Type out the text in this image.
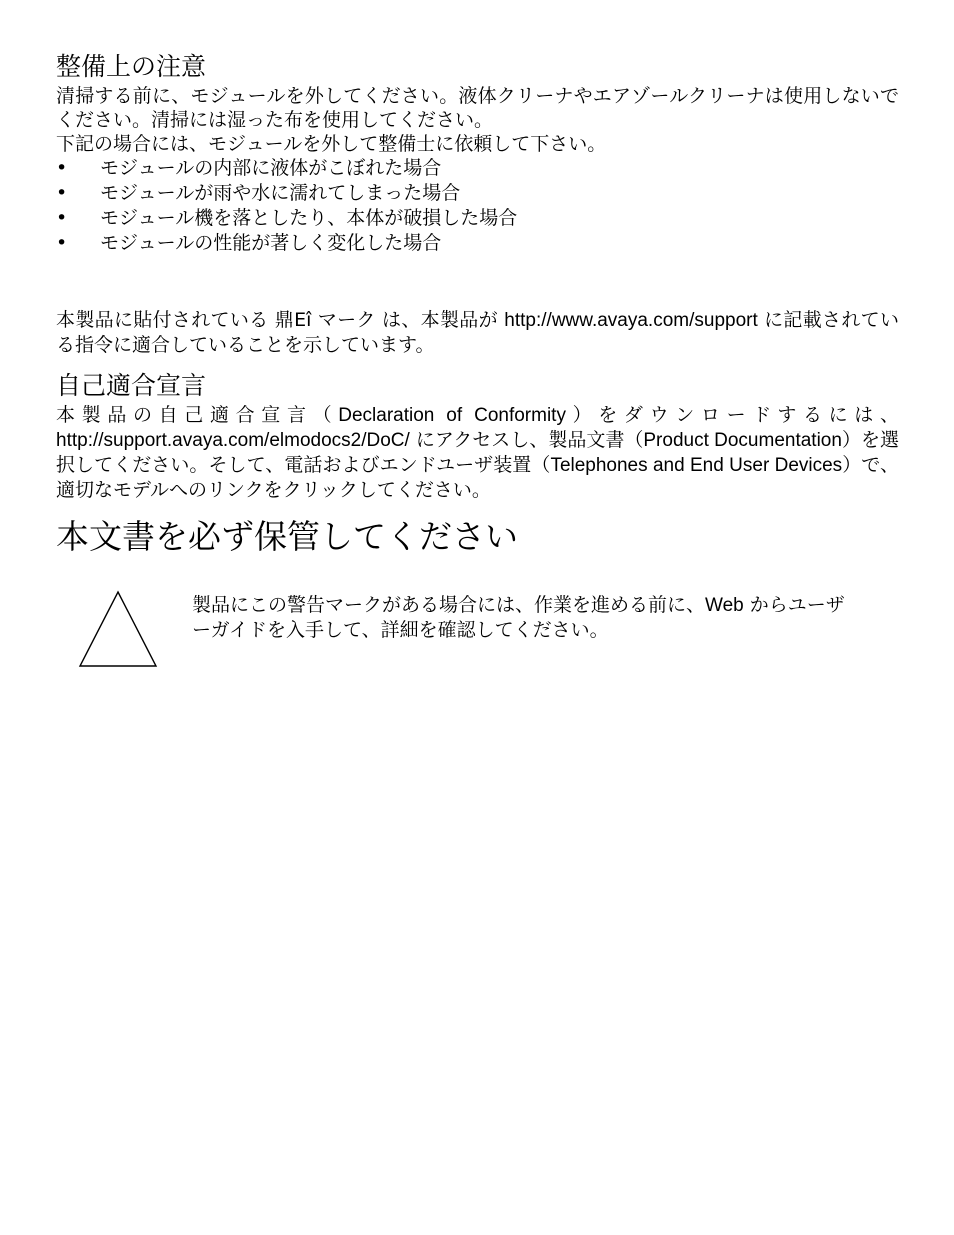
整備上の注意

清掃する前に、モジュールを外してください。液体クリーナやエアゾールクリーナは使用しないでください。清掃には湿った布を使用してください。

下記の場合には、モジュールを外して整備士に依頼して下さい。

• モジュールの内部に液体がこぼれた場合
• モジュールが雨や水に濡れてしまった場合
• モジュール機を落としたり、本体が破損した場合
• モジュールの性能が著しく変化した場合

本製品に貼付されている 鼎Eî マーク は、本製品が http://www.avaya.com/support に記載されている指令に適合していることを示しています。

自己適合宣言

本製品の自己適合宣言（Declaration of Conformity）をダウンロードするには、http://support.avaya.com/elmodocs2/DoC/ にアクセスし、製品文書（Product Documentation）を選択してください。そして、電話およびエンドユーザ装置（Telephones and End User Devices）で、適切なモデルへのリンクをクリックしてください。

本文書を必ず保管してください
製品にこの警告マークがある場合には、作業を進める前に、Web からユーザーガイドを入手して、詳細を確認してください。
